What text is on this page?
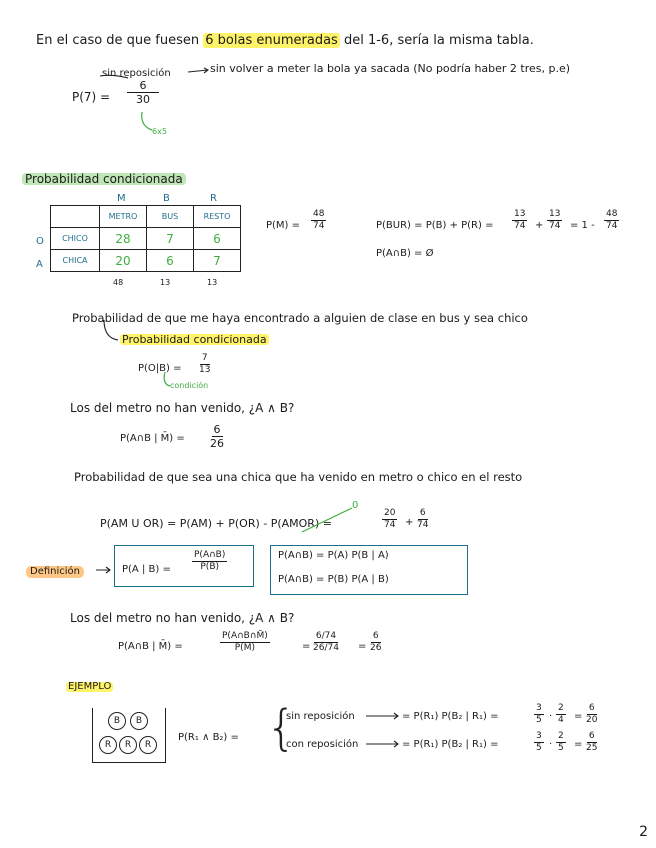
En el caso de que fuesen 6 bolas enumeradas del 1-6, sería la misma tabla.
sin reposición	sin volver a meter la bola ya sacada (No podría haber 2 tres, p.e)
$P(7) = \frac{6}{30}$
6x5
Probabilidad condicionada
M	B	R
O
A
	METRO	BUS	RESTO
CHICO	28	7	6
CHICA	20	6	7
48	13	13
$P(M) = \frac{48}{74}$	$P(BUR) = P(B) + P(R) = \frac{13}{74} + \frac{13}{74} = 1 - \frac{48}{74}$
P(A∩B) = Ø
Probabilidad de que me haya encontrado a alguien de clase en bus y sea chico
Probabilidad condicionada
$P(O|B) = \frac{7}{13}$
condición
Los del metro no han venido, ¿A ∧ B?
P(A∩B | M̄) = $\frac{6}{26}$
Probabilidad de que sea una chica que ha venido en metro o chico en el resto
P(AM U OR) = P(AM) + P(OR) - P(AMOR) =
0
$\frac{20}{74} + \frac{6}{74}$
Definición	P(A | $B) = \frac{P(A\cap B)}{P(B)}$	P(A∩B) = P(A) P(B | A)
P(A∩B) = P(B) P(A | B)
Los del metro no han venido, ¿A ∧ B?
P(A∩B | M̄) =	$\frac{P(A\cap B\cap M̄)}{P(M̄)}$	= $\frac{6/74}{26/74} = \frac{6}{26}$
EJEMPLO
B	B
R	R	R
P(R₁ ∧ B₂) = {
sin reposición	= P(R₁) P(B₂ | R₁) =	$\frac{3}{5} \cdot \frac{2}{4} = \frac{6}{20}$
con reposición	= P(R₁) P(B₂ | R₁) =	$\frac{3}{5} \cdot \frac{2}{5} = \frac{6}{25}$
2
